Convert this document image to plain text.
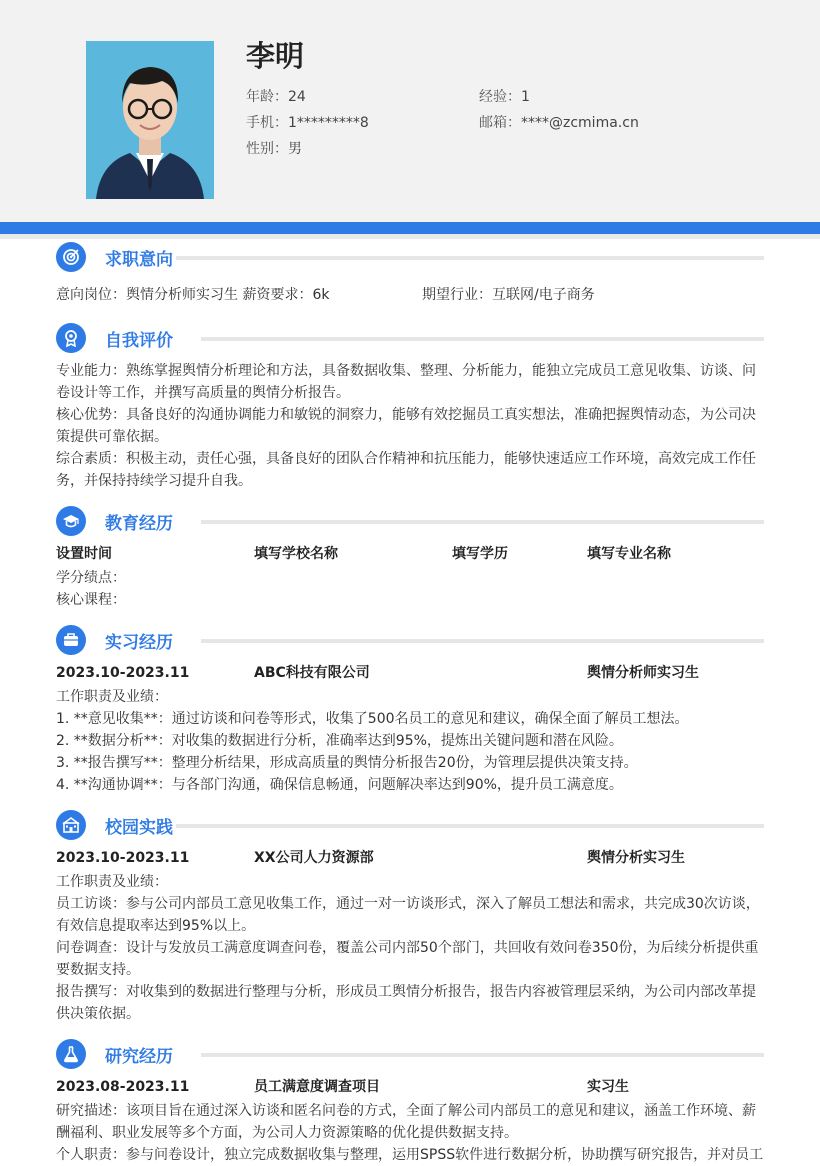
李明
年龄：24	经验：1
手机：1*********8	邮箱：****@zcmima.cn
性别：男
求职意向
意向岗位：舆情分析师实习生 薪资要求：6k	期望行业：互联网/电子商务
自我评价

专业能力：熟练掌握舆情分析理论和方法，具备数据收集、整理、分析能力，能独立完成员工意见收集、访谈、问卷设计等工作，并撰写高质量的舆情分析报告。

核心优势：具备良好的沟通协调能力和敏锐的洞察力，能够有效挖掘员工真实想法，准确把握舆情动态，为公司决策提供可靠依据。

综合素质：积极主动，责任心强，具备良好的团队合作精神和抗压能力，能够快速适应工作环境，高效完成工作任务，并保持持续学习提升自我。

教育经历
设置时间	填写学校名称	填写学历	填写专业名称

学分绩点：

核心课程：

实习经历
2023.10-2023.11	ABC科技有限公司	舆情分析师实习生

工作职责及业绩：

1. **意见收集**：通过访谈和问卷等形式，收集了500名员工的意见和建议，确保全面了解员工想法。

2. **数据分析**：对收集的数据进行分析，准确率达到95%，提炼出关键问题和潜在风险。

3. **报告撰写**：整理分析结果，形成高质量的舆情分析报告20份，为管理层提供决策支持。

4. **沟通协调**：与各部门沟通，确保信息畅通，问题解决率达到90%，提升员工满意度。

校园实践
2023.10-2023.11	XX公司人力资源部	舆情分析实习生

工作职责及业绩：

员工访谈：参与公司内部员工意见收集工作，通过一对一访谈形式，深入了解员工想法和需求，共完成30次访谈，有效信息提取率达到95%以上。

问卷调查：设计与发放员工满意度调查问卷，覆盖公司内部50个部门，共回收有效问卷350份，为后续分析提供重要数据支持。

报告撰写：对收集到的数据进行整理与分析，形成员工舆情分析报告，报告内容被管理层采纳，为公司内部改革提供决策依据。

研究经历
2023.08-2023.11	员工满意度调查项目	实习生

研究描述：该项目旨在通过深入访谈和匿名问卷的方式，全面了解公司内部员工的意见和建议，涵盖工作环境、薪酬福利、职业发展等多个方面，为公司人力资源策略的优化提供数据支持。

个人职责：参与问卷设计，独立完成数据收集与整理，运用SPSS软件进行数据分析，协助撰写研究报告，并对员工
